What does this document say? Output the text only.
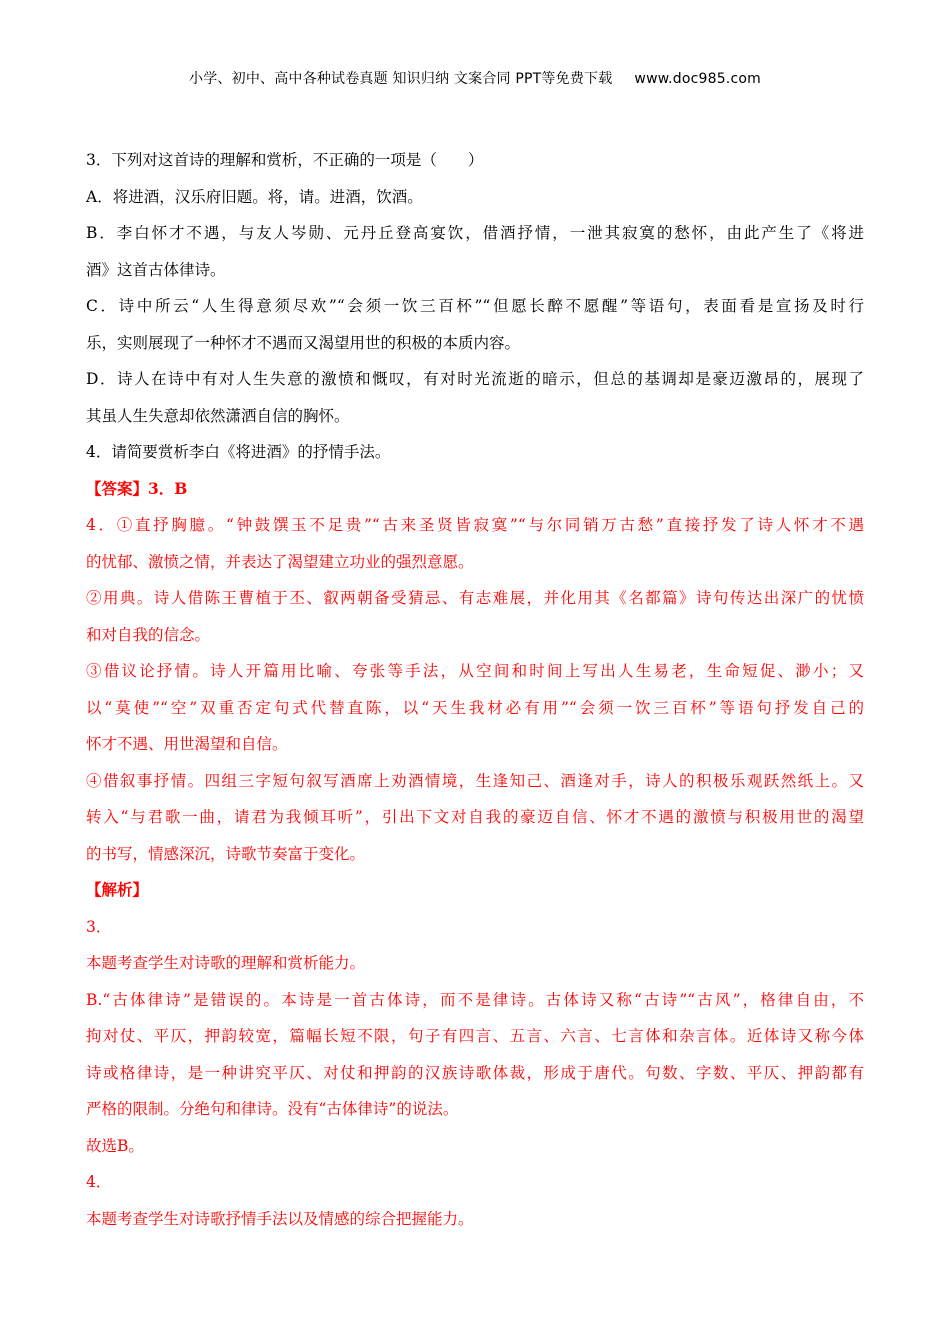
小学、初中、高中各种试卷真题 知识归纳 文案合同 PPT等免费下载 www.doc985.com
3．下列对这首诗的理解和赏析，不正确的一项是（　　）
A．将进酒，汉乐府旧题。将，请。进酒，饮酒。
B．李白怀才不遇，与友人岑勋、元丹丘登高宴饮，借酒抒情，一泄其寂寞的愁怀，由此产生了《将进
酒》这首古体律诗。
C．诗中所云“人生得意须尽欢”“会须一饮三百杯”“但愿长醉不愿醒”等语句，表面看是宣扬及时行
乐，实则展现了一种怀才不遇而又渴望用世的积极的本质内容。
D．诗人在诗中有对人生失意的激愤和慨叹，有对时光流逝的暗示，但总的基调却是豪迈激昂的，展现了
其虽人生失意却依然潇洒自信的胸怀。
4．请简要赏析李白《将进酒》的抒情手法。
【答案】3．B
4．①直抒胸臆。“钟鼓馔玉不足贵”“古来圣贤皆寂寞”“与尔同销万古愁”直接抒发了诗人怀才不遇
的忧郁、激愤之情，并表达了渴望建立功业的强烈意愿。
②用典。诗人借陈王曹植于丕、叡两朝备受猜忌、有志难展，并化用其《名都篇》诗句传达出深广的忧愤
和对自我的信念。
③借议论抒情。诗人开篇用比喻、夸张等手法，从空间和时间上写出人生易老，生命短促、渺小；又
以“莫使”“空”双重否定句式代替直陈，以“天生我材必有用”“会须一饮三百杯”等语句抒发自己的
怀才不遇、用世渴望和自信。
④借叙事抒情。四组三字短句叙写酒席上劝酒情境，生逢知己、酒逢对手，诗人的积极乐观跃然纸上。又
转入“与君歌一曲，请君为我倾耳听”，引出下文对自我的豪迈自信、怀才不遇的激愤与积极用世的渴望
的书写，情感深沉，诗歌节奏富于变化。
【解析】
3．
本题考查学生对诗歌的理解和赏析能力。
B.“古体律诗”是错误的。本诗是一首古体诗，而不是律诗。古体诗又称“古诗”“古风”，格律自由，不
拘对仗、平仄，押韵较宽，篇幅长短不限，句子有四言、五言、六言、七言体和杂言体。近体诗又称今体
诗或格律诗，是一种讲究平仄、对仗和押韵的汉族诗歌体裁，形成于唐代。句数、字数、平仄、押韵都有
严格的限制。分绝句和律诗。没有“古体律诗”的说法。
故选B。
4．
本题考查学生对诗歌抒情手法以及情感的综合把握能力。
